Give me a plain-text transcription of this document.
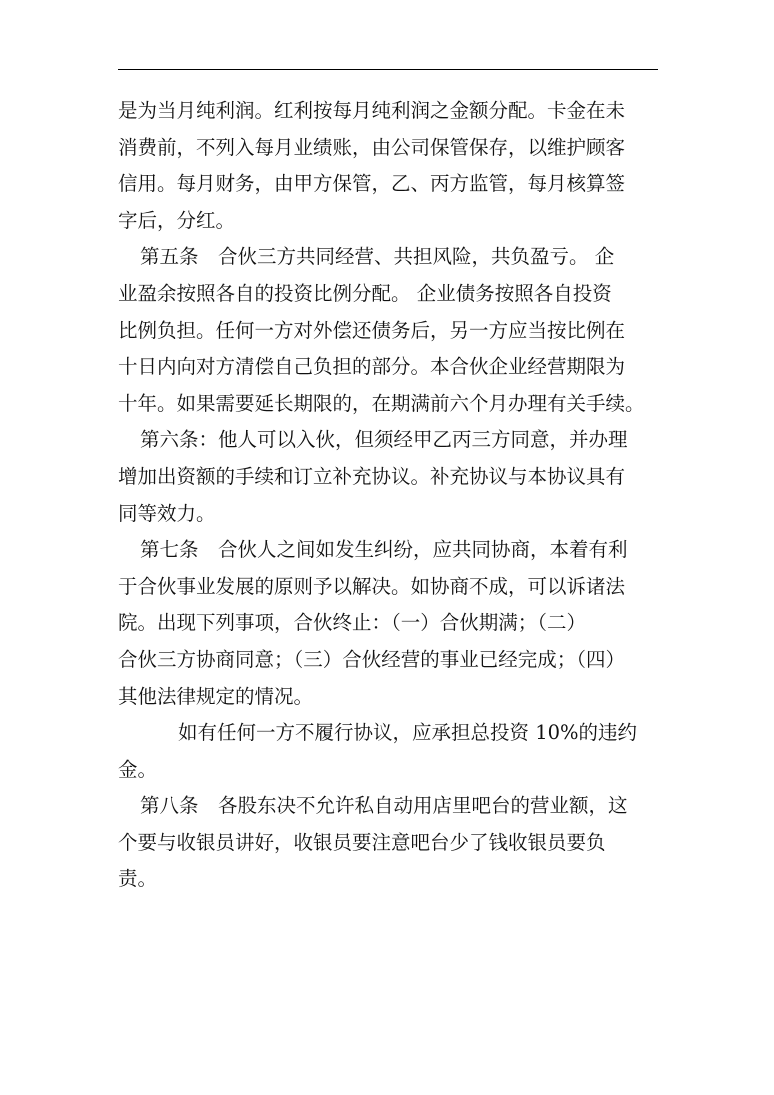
是为当月纯利润。红利按每月纯利润之金额分配。卡金在未
消费前，不列入每月业绩账，由公司保管保存，以维护顾客
信用。每月财务，由甲方保管，乙、丙方监管，每月核算签
字后，分红。
第五条　合伙三方共同经营、共担风险，共负盈亏。 企
业盈余按照各自的投资比例分配。 企业债务按照各自投资
比例负担。任何一方对外偿还债务后，另一方应当按比例在
十日内向对方清偿自己负担的部分。本合伙企业经营期限为
十年。如果需要延长期限的，在期满前六个月办理有关手续。
第六条：他人可以入伙，但须经甲乙丙三方同意，并办理
增加出资额的手续和订立补充协议。补充协议与本协议具有
同等效力。
第七条　合伙人之间如发生纠纷，应共同协商，本着有利
于合伙事业发展的原则予以解决。如协商不成，可以诉诸法
院。出现下列事项，合伙终止：（一）合伙期满；（二）
合伙三方协商同意；（三）合伙经营的事业已经完成；（四）
其他法律规定的情况。
如有任何一方不履行协议，应承担总投资 10%的违约
金。
第八条　各股东决不允许私自动用店里吧台的营业额，这
个要与收银员讲好，收银员要注意吧台少了钱收银员要负
责。
